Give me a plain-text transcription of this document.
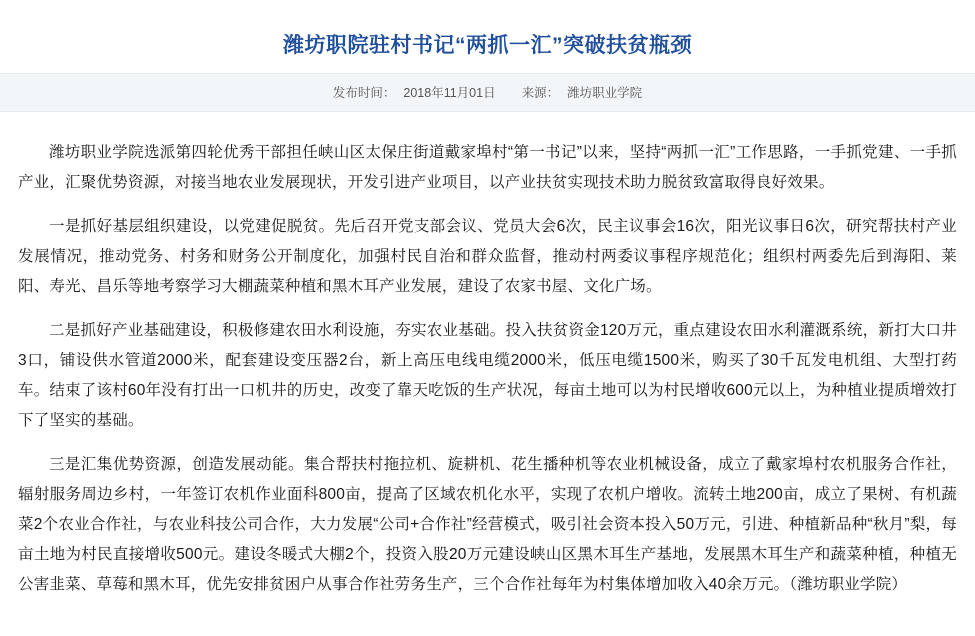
潍坊职院驻村书记“两抓一汇”突破扶贫瓶颈
发布时间： 2018年11月01日 来源： 潍坊职业学院

潍坊职业学院选派第四轮优秀干部担任峡山区太保庄街道戴家埠村“第一书记”以来，坚持“两抓一汇”工作思路，一手抓党建、一手抓产业，汇聚优势资源，对接当地农业发展现状，开发引进产业项目，以产业扶贫实现技术助力脱贫致富取得良好效果。

一是抓好基层组织建设，以党建促脱贫。先后召开党支部会议、党员大会6次，民主议事会16次，阳光议事日6次，研究帮扶村产业发展情况，推动党务、村务和财务公开制度化，加强村民自治和群众监督，推动村两委议事程序规范化；组织村两委先后到海阳、莱阳、寿光、昌乐等地考察学习大棚蔬菜种植和黑木耳产业发展，建设了农家书屋、文化广场。

二是抓好产业基础建设，积极修建农田水利设施，夯实农业基础。投入扶贫资金120万元，重点建设农田水利灌溉系统，新打大口井3口，铺设供水管道2000米，配套建设变压器2台，新上高压电线电缆2000米，低压电缆1500米，购买了30千瓦发电机组、大型打药车。结束了该村60年没有打出一口机井的历史，改变了靠天吃饭的生产状况，每亩土地可以为村民增收600元以上，为种植业提质增效打下了坚实的基础。

三是汇集优势资源，创造发展动能。集合帮扶村拖拉机、旋耕机、花生播种机等农业机械设备，成立了戴家埠村农机服务合作社，辐射服务周边乡村，一年签订农机作业面科800亩，提高了区域农机化水平，实现了农机户增收。流转土地200亩，成立了果树、有机蔬菜2个农业合作社，与农业科技公司合作，大力发展“公司+合作社”经营模式，吸引社会资本投入50万元，引进、种植新品种“秋月”梨，每亩土地为村民直接增收500元。建设冬暖式大棚2个，投资入股20万元建设峡山区黑木耳生产基地，发展黑木耳生产和蔬菜种植，种植无公害韭菜、草莓和黑木耳，优先安排贫困户从事合作社劳务生产，三个合作社每年为村集体增加收入40余万元。（潍坊职业学院）
